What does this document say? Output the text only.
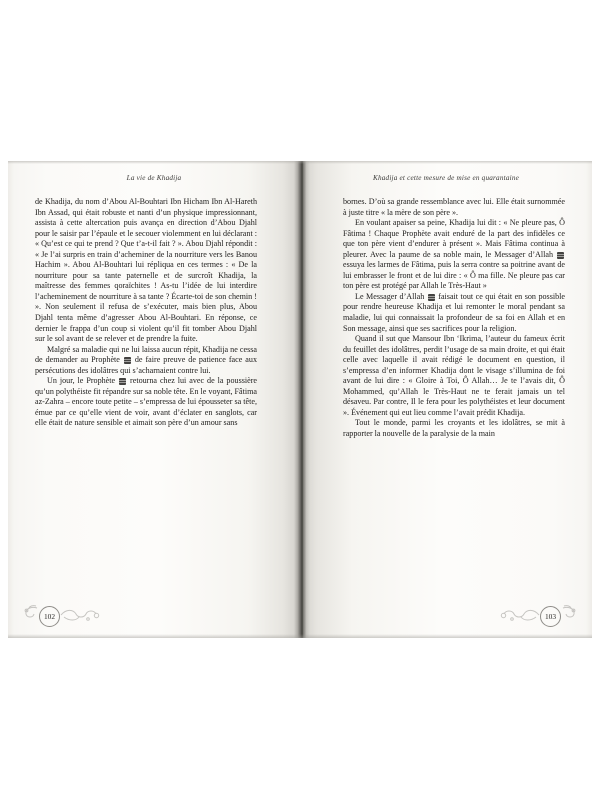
La vie de Khadija

de Khadija, du nom d’Abou Al-Bouhtari Ibn Hicham Ibn Al-Hareth Ibn Assad, qui était robuste et nanti d’un physique impressionnant, assista à cette altercation puis avança en direction d’Abou Djahl pour le saisir par l’épaule et le secouer violemment en lui déclarant : « Qu’est ce qui te prend ? Que t’a-t-il fait ? ». Abou Djahl répondit : « Je l’ai surpris en train d’acheminer de la nourriture vers les Banou Hachim ». Abou Al-Bouhtari lui répliqua en ces termes : « De la nourriture pour sa tante paternelle et de surcroît Khadija, la maîtresse des femmes qoraïchites ! As-tu l’idée de lui interdire l’acheminement de nourriture à sa tante ? Écarte-toi de son chemin ! ». Non seulement il refusa de s’exécuter, mais bien plus, Abou Djahl tenta même d’agresser Abou Al-Bouhtari. En réponse, ce dernier le frappa d’un coup si violent qu’il fit tomber Abou Djahl sur le sol avant de se relever et de prendre la fuite.

Malgré sa maladie qui ne lui laissa aucun répit, Khadija ne cessa de demander au Prophète  de faire preuve de patience face aux persécutions des idolâtres qui s’acharnaient contre lui.

Un jour, le Prophète  retourna chez lui avec de la poussière qu’un polythéiste fit répandre sur sa noble tête. En le voyant, Fâtima az-Zahra – encore toute petite – s’empressa de lui épousseter sa tête, émue par ce qu’elle vient de voir, avant d’éclater en sanglots, car elle était de nature sensible et aimait son père d’un amour sans

102
Khadija et cette mesure de mise en quarantaine

bornes. D’où sa grande ressemblance avec lui. Elle était surnommée à juste titre « la mère de son père ».

En voulant apaiser sa peine, Khadija lui dit : « Ne pleure pas, Ô Fâtima ! Chaque Prophète avait enduré de la part des infidèles ce que ton père vient d’endurer à présent ». Mais Fâtima continua à pleurer. Avec la paume de sa noble main, le Messager d’Allah  essuya les larmes de Fâtima, puis la serra contre sa poitrine avant de lui embrasser le front et de lui dire : « Ô ma fille. Ne pleure pas car ton père est protégé par Allah le Très-Haut »

Le Messager d’Allah  faisait tout ce qui était en son possible pour rendre heureuse Khadija et lui remonter le moral pendant sa maladie, lui qui connaissait la profondeur de sa foi en Allah et en Son message, ainsi que ses sacrifices pour la religion.

Quand il sut que Mansour Ibn ‘Ikrima, l’auteur du fameux écrit du feuillet des idolâtres, perdit l’usage de sa main droite, et qui était celle avec laquelle il avait rédigé le document en question, il s’empressa d’en informer Khadija dont le visage s’illumina de foi avant de lui dire : « Gloire à Toi, Ô Allah… Je te l’avais dit, Ô Mohammed, qu’Allah le Très-Haut ne te ferait jamais un tel désaveu. Par contre, Il le fera pour les polythéistes et leur document ». Événement qui eut lieu comme l’avait prédit Khadija.

Tout le monde, parmi les croyants et les idolâtres, se mit à rapporter la nouvelle de la paralysie de la main

103
